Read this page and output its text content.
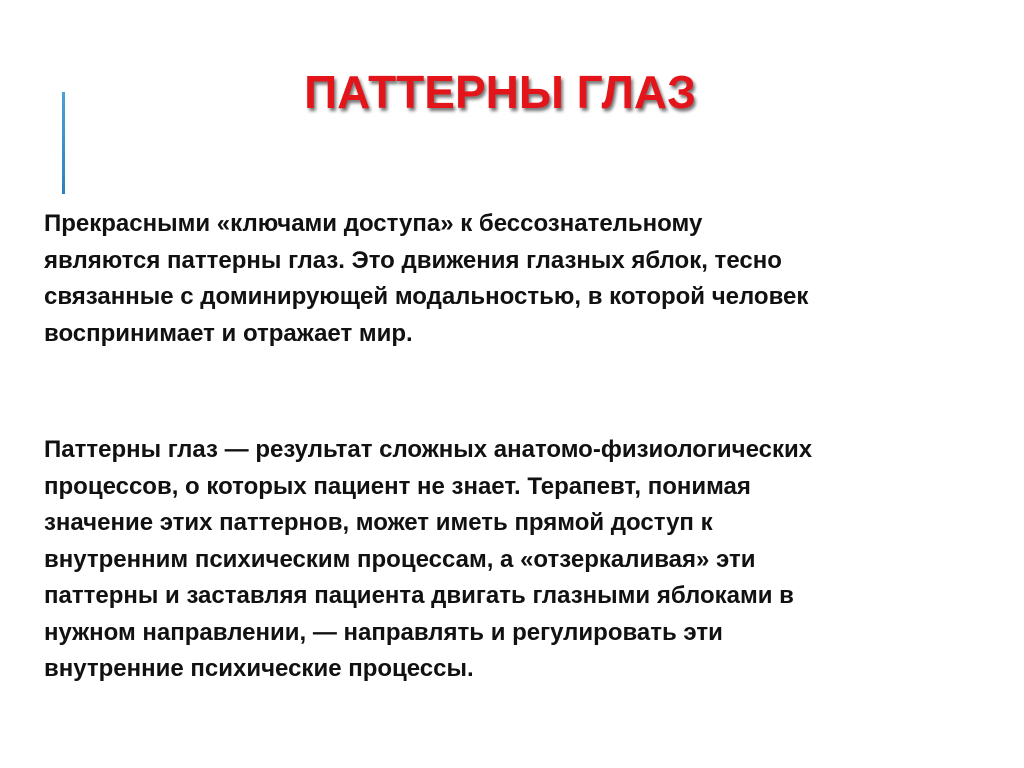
ПАТТЕРНЫ ГЛАЗ
Прекрасными «ключами доступа» к бессознательному
являются паттерны глаз. Это движения глазных яблок, тесно
связанные с доминирующей модальностью, в которой человек
воспринимает и отражает мир.
Паттерны глаз — результат сложных анатомо-физиологических
процессов, о которых пациент не знает. Терапевт, понимая
значение этих паттернов, может иметь прямой доступ к
внутренним психическим процессам, а «отзеркаливая» эти
паттерны и заставляя пациента двигать глазными яблоками в
нужном направлении, — направлять и регулировать эти
внутренние психические процессы.
